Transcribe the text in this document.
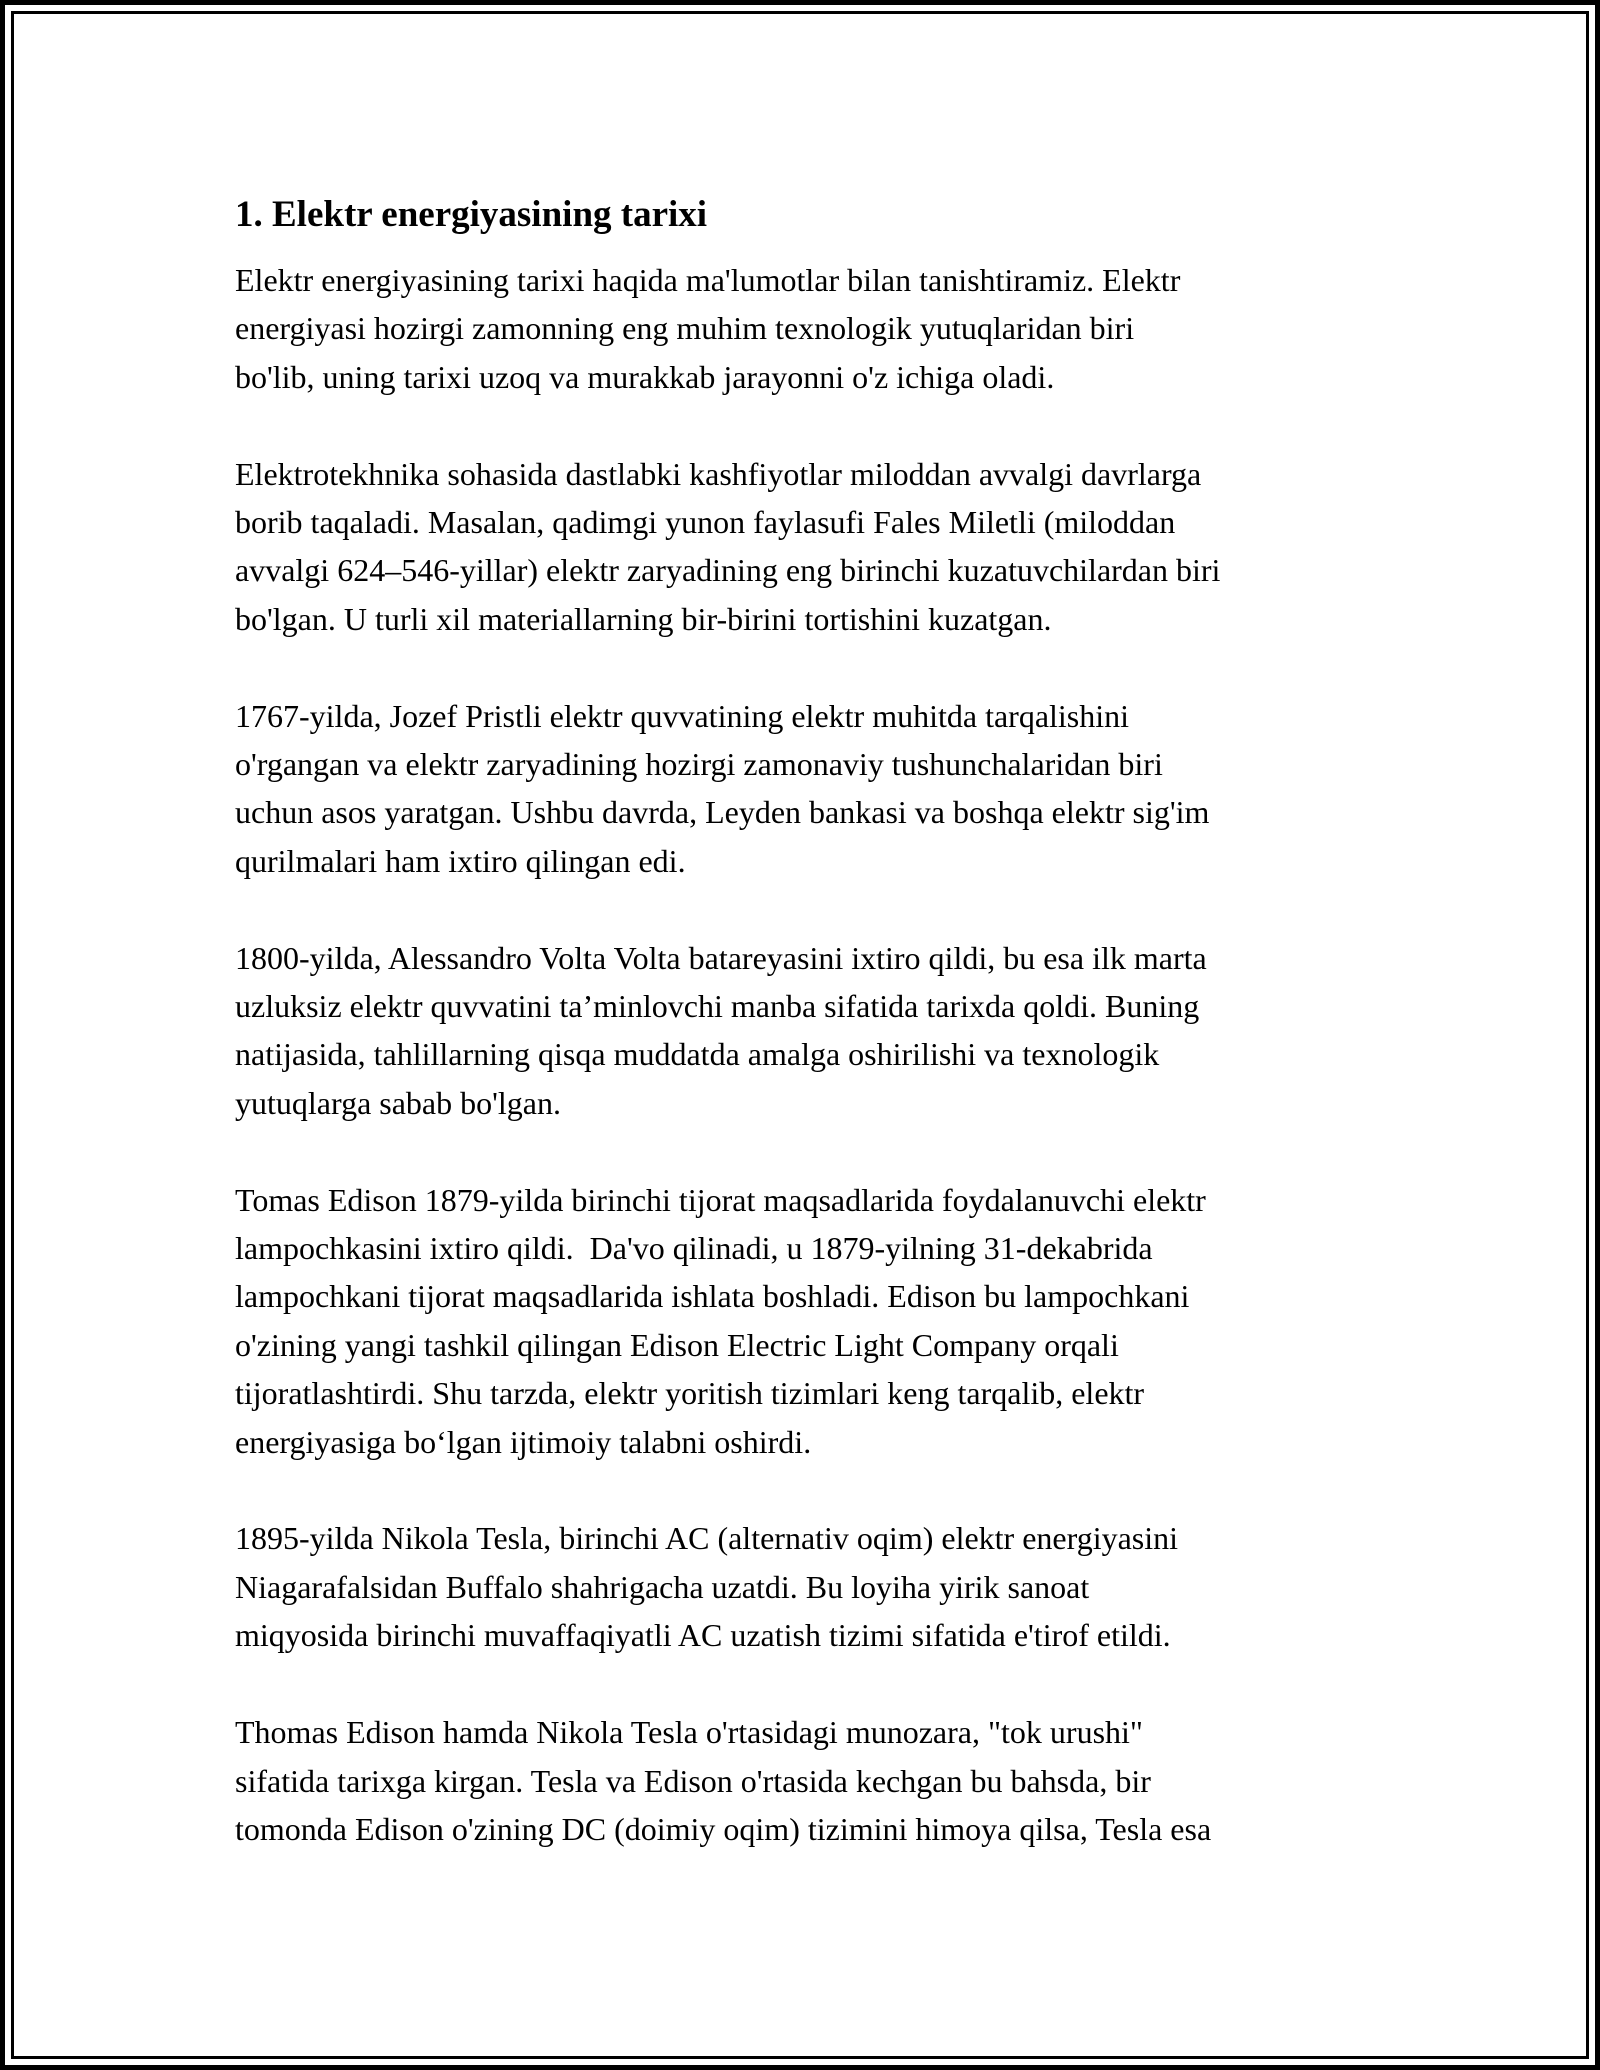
1. Elektr energiyasining tarixi

Elektr energiyasining tarixi haqida ma'lumotlar bilan tanishtiramiz. Elektr
energiyasi hozirgi zamonning eng muhim texnologik yutuqlaridan biri
bo'lib, uning tarixi uzoq va murakkab jarayonni o'z ichiga oladi.

Elektrotekhnika sohasida dastlabki kashfiyotlar miloddan avvalgi davrlarga
borib taqaladi. Masalan, qadimgi yunon faylasufi Fales Miletli (miloddan
avvalgi 624–546-yillar) elektr zaryadining eng birinchi kuzatuvchilardan biri
bo'lgan. U turli xil materiallarning bir-birini tortishini kuzatgan.

1767-yilda, Jozef Pristli elektr quvvatining elektr muhitda tarqalishini
o'rgangan va elektr zaryadining hozirgi zamonaviy tushunchalaridan biri
uchun asos yaratgan. Ushbu davrda, Leyden bankasi va boshqa elektr sig'im
qurilmalari ham ixtiro qilingan edi.

1800-yilda, Alessandro Volta Volta batareyasini ixtiro qildi, bu esa ilk marta
uzluksiz elektr quvvatini ta’minlovchi manba sifatida tarixda qoldi. Buning
natijasida, tahlillarning qisqa muddatda amalga oshirilishi va texnologik
yutuqlarga sabab bo'lgan.

Tomas Edison 1879-yilda birinchi tijorat maqsadlarida foydalanuvchi elektr
lampochkasini ixtiro qildi.  Da'vo qilinadi, u 1879-yilning 31-dekabrida
lampochkani tijorat maqsadlarida ishlata boshladi. Edison bu lampochkani
o'zining yangi tashkil qilingan Edison Electric Light Company orqali
tijoratlashtirdi. Shu tarzda, elektr yoritish tizimlari keng tarqalib, elektr
energiyasiga bo‘lgan ijtimoiy talabni oshirdi.

1895-yilda Nikola Tesla, birinchi AC (alternativ oqim) elektr energiyasini
Niagarafalsidan Buffalo shahrigacha uzatdi. Bu loyiha yirik sanoat
miqyosida birinchi muvaffaqiyatli AC uzatish tizimi sifatida e'tirof etildi.

Thomas Edison hamda Nikola Tesla o'rtasidagi munozara, "tok urushi"
sifatida tarixga kirgan. Tesla va Edison o'rtasida kechgan bu bahsda, bir
tomonda Edison o'zining DC (doimiy oqim) tizimini himoya qilsa, Tesla esa
